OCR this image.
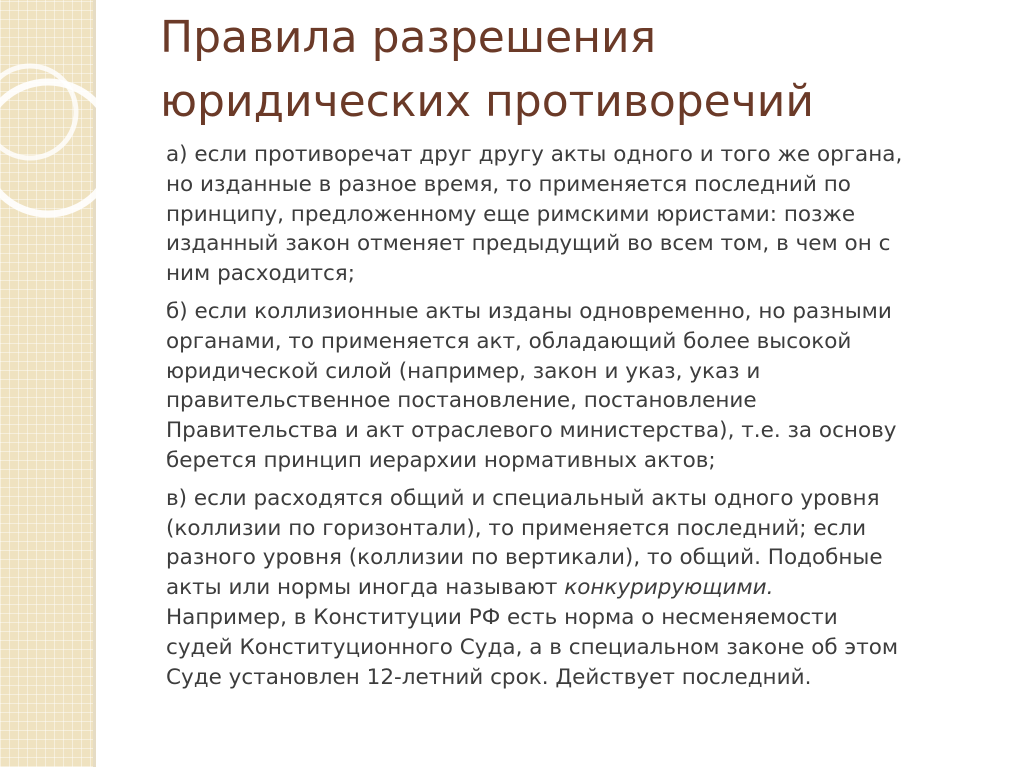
Правила разрешения
юридических противоречий

а) если противоречат друг другу акты одного и того же органа,
но изданные в разное время, то применяется последний по
принципу, предложенному еще римскими юристами: позже
изданный закон отменяет предыдущий во всем том, в чем он с
ним расходится;

б) если коллизионные акты изданы одновременно, но разными
органами, то применяется акт, обладающий более высокой
юридической силой (например, закон и указ, указ и
правительственное постановление, постановление
Правительства и акт отраслевого министерства), т.е. за основу
берется принцип иерархии нормативных актов;

в) если расходятся общий и специальный акты одного уровня
(коллизии по горизонтали), то применяется последний; если
разного уровня (коллизии по вертикали), то общий. Подобные
акты или нормы иногда называют конкурирующими.
Например, в Конституции РФ есть норма о несменяемости
судей Конституционного Суда, а в специальном законе об этом
Суде установлен 12-летний срок. Действует последний.
